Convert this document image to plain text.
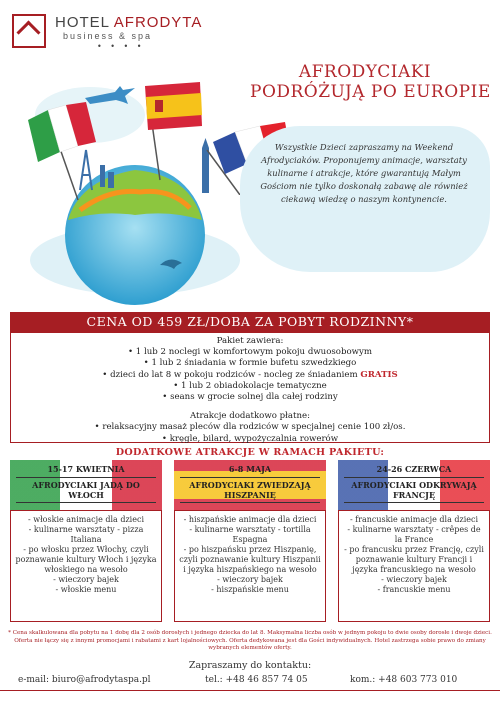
HOTEL AFRODYTA
business & spa
• • • •
AFRODYCIAKI
PODRÓŻUJĄ PO EUROPIE
Wszystkie Dzieci zapraszamy na Weekend Afrodyciaków. Proponujemy animacje, warsztaty kulinarne i atrakcje, które gwarantują Małym Gościom nie tylko doskonałą zabawę ale również ciekawą wiedzę o naszym kontynencie.
CENA OD 459 ZŁ/DOBA ZA POBYT RODZINNY*
Pakiet zawiera:
• 1 lub 2 noclegi w komfortowym pokoju dwuosobowym
• 1 lub 2 śniadania w formie bufetu szwedzkiego
• dzieci do lat 8 w pokoju rodziców - nocleg ze śniadaniem GRATIS
• 1 lub 2 obiadokolacje tematyczne
• seans w grocie solnej dla całej rodziny
Atrakcje dodatkowo płatne:
• relaksacyjny masaż pleców dla rodziców w specjalnej cenie 100 zł/os.
• kręgle, bilard, wypożyczalnia rowerów
DODATKOWE ATRAKCJE W RAMACH PAKIETU:
15-17 KWIETNIA
AFRODYCIAKI JADĄ DO WŁOCH
- włoskie animacje dla dzieci
- kulinarne warsztaty - pizza Italiana
- po włosku przez Włochy, czyli poznawanie kultury Włoch i języka włoskiego na wesoło
- wieczory bajek
- włoskie menu
6-8 MAJA
AFRODYCIAKI ZWIEDZAJĄ HISZPANIĘ
- hiszpańskie animacje dla dzieci
- kulinarne warsztaty - tortilla Espagna
- po hiszpańsku przez Hiszpanię, czyli poznawanie kultury Hiszpanii i języka hiszpańskiego na wesoło
- wieczory bajek
- hiszpańskie menu
24-26 CZERWCA
AFRODYCIAKI ODKRYWAJĄ FRANCJĘ
- francuskie animacje dla dzieci
- kulinarne warsztaty - crêpes de la France
- po francusku przez Francję, czyli poznawanie kultury Francji i języka francuskiego na wesoło
- wieczory bajek
- francuskie menu
* Cena skalkulowana dla pobytu na 1 dobę dla 2 osób dorosłych i jednego dziecka do lat 8. Maksymalna liczba osób w jednym pokoju to dwie osoby dorosłe i dwoje dzieci. Oferta nie łączy się z innymi promocjami i rabatami z kart lojalnościowych. Oferta dedykowana jest dla Gości indywidualnych. Hotel zastrzega sobie prawo do zmiany wybranych elementów oferty.
Zapraszamy do kontaktu:
e-mail: biuro@afrodytaspa.pl	tel.: +48 46 857 74 05	kom.: +48 603 773 010
